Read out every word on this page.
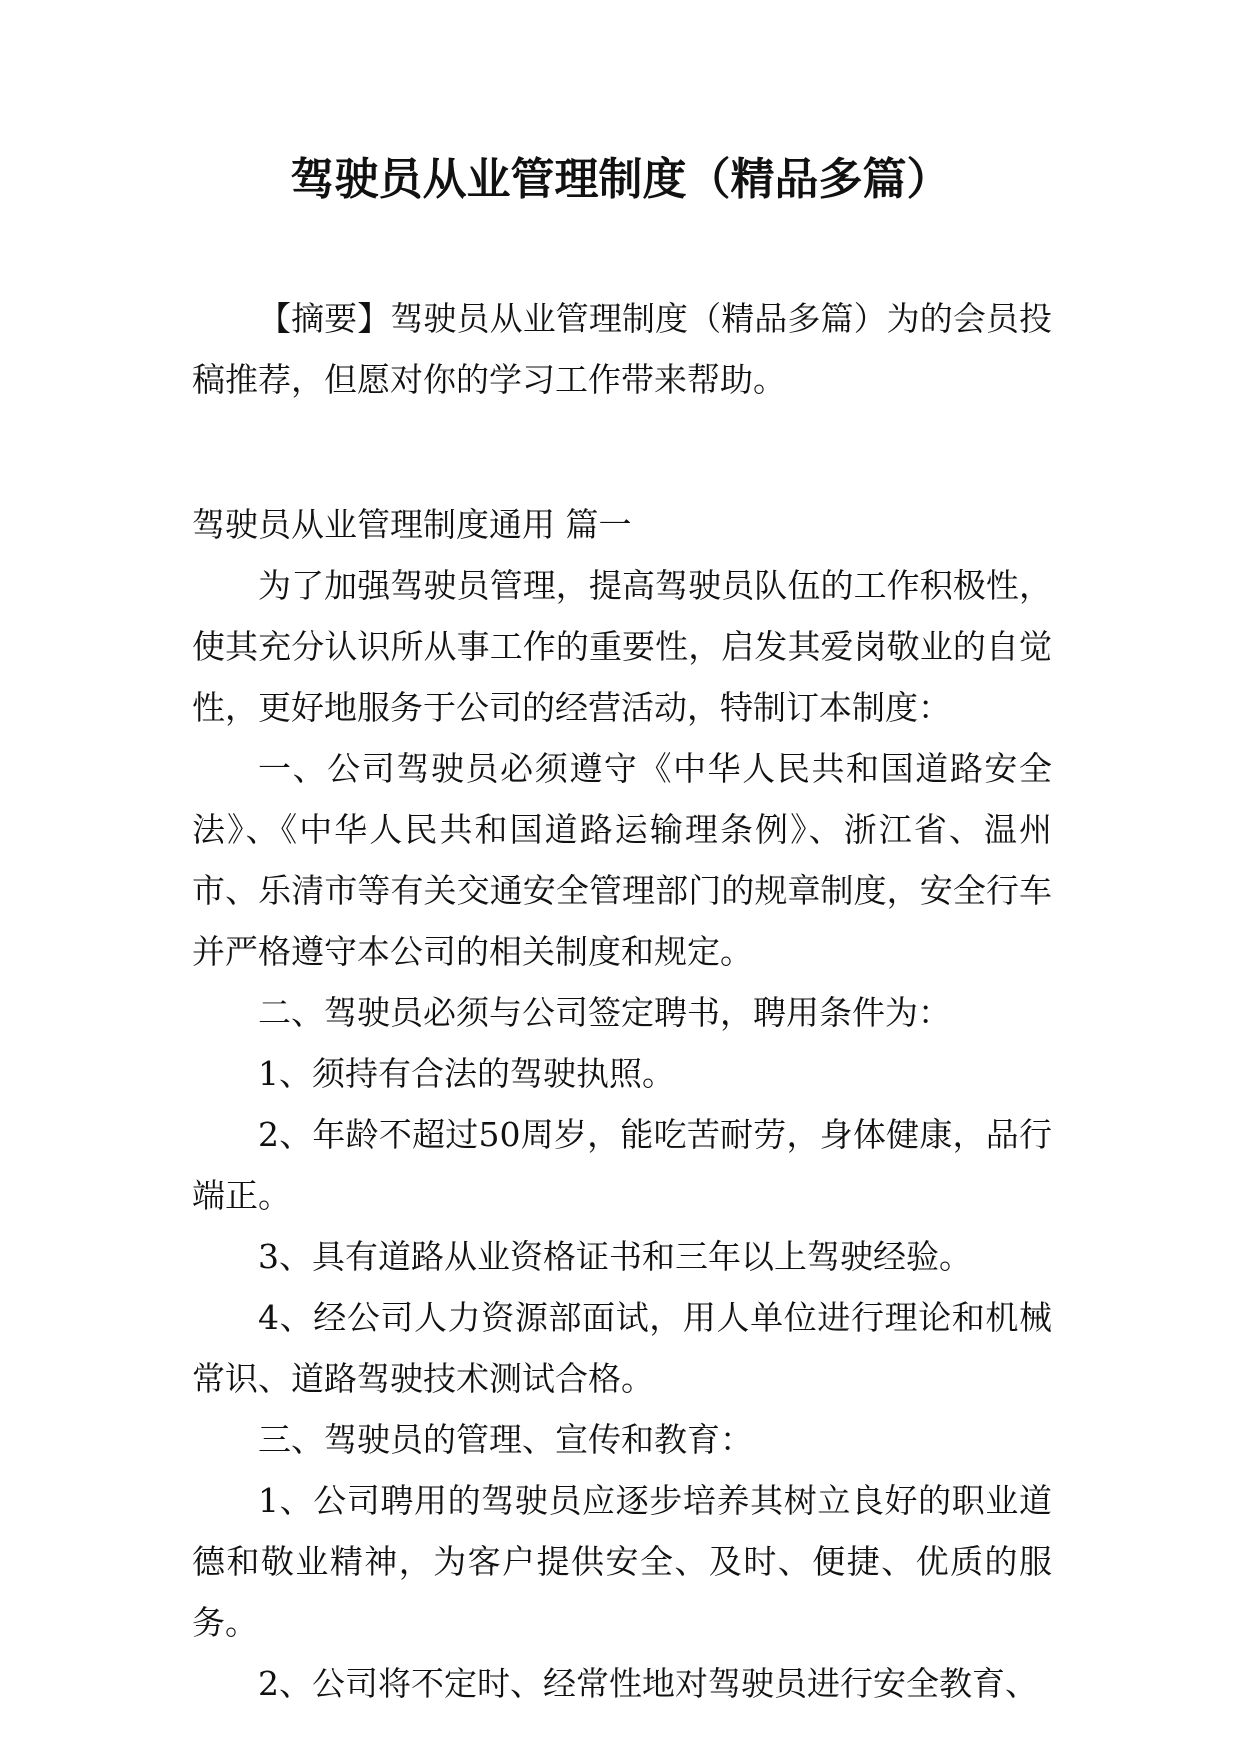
驾驶员从业管理制度（精品多篇）

【摘要】驾驶员从业管理制度（精品多篇）为的会员投稿推荐，但愿对你的学习工作带来帮助。

驾驶员从业管理制度通用 篇一

为了加强驾驶员管理，提高驾驶员队伍的工作积极性，使其充分认识所从事工作的重要性，启发其爱岗敬业的自觉性，更好地服务于公司的经营活动，特制订本制度：

一、公司驾驶员必须遵守《中华人民共和国道路安全法》、《中华人民共和国道路运输理条例》、浙江省、温州市、乐清市等有关交通安全管理部门的规章制度，安全行车并严格遵守本公司的相关制度和规定。

二、驾驶员必须与公司签定聘书，聘用条件为：

1、须持有合法的驾驶执照。

2、年龄不超过50周岁，能吃苦耐劳，身体健康，品行端正。

3、具有道路从业资格证书和三年以上驾驶经验。

4、经公司人力资源部面试，用人单位进行理论和机械常识、道路驾驶技术测试合格。

三、驾驶员的管理、宣传和教育：

1、公司聘用的驾驶员应逐步培养其树立良好的职业道德和敬业精神，为客户提供安全、及时、便捷、优质的服务。

2、公司将不定时、经常性地对驾驶员进行安全教育、
